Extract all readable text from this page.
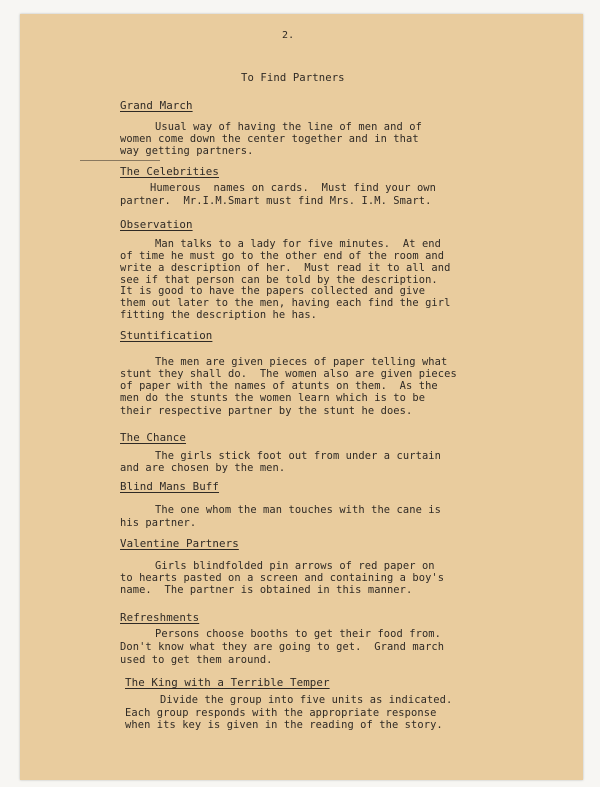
2.
To Find Partners
Grand March
Usual way of having the line of men and of
women come down the center together and in that
way getting partners.
The Celebrities
Humerous  names on cards.  Must find your own
partner.  Mr.I.M.Smart must find Mrs. I.M. Smart.
Observation
Man talks to a lady for five minutes.  At end
of time he must go to the other end of the room and
write a description of her.  Must read it to all and
see if that person can be told by the description.
It is good to have the papers collected and give
them out later to the men, having each find the girl
fitting the description he has.
Stuntification
The men are given pieces of paper telling what
stunt they shall do.  The women also are given pieces
of paper with the names of atunts on them.  As the
men do the stunts the women learn which is to be
their respective partner by the stunt he does.
The Chance
The girls stick foot out from under a curtain
and are chosen by the men.
Blind Mans Buff
The one whom the man touches with the cane is
his partner.
Valentine Partners
Girls blindfolded pin arrows of red paper on
to hearts pasted on a screen and containing a boy's
name.  The partner is obtained in this manner.
Refreshments
Persons choose booths to get their food from.
Don't know what they are going to get.  Grand march
used to get them around.
The King with a Terrible Temper
Divide the group into five units as indicated.
Each group responds with the appropriate response
when its key is given in the reading of the story.
